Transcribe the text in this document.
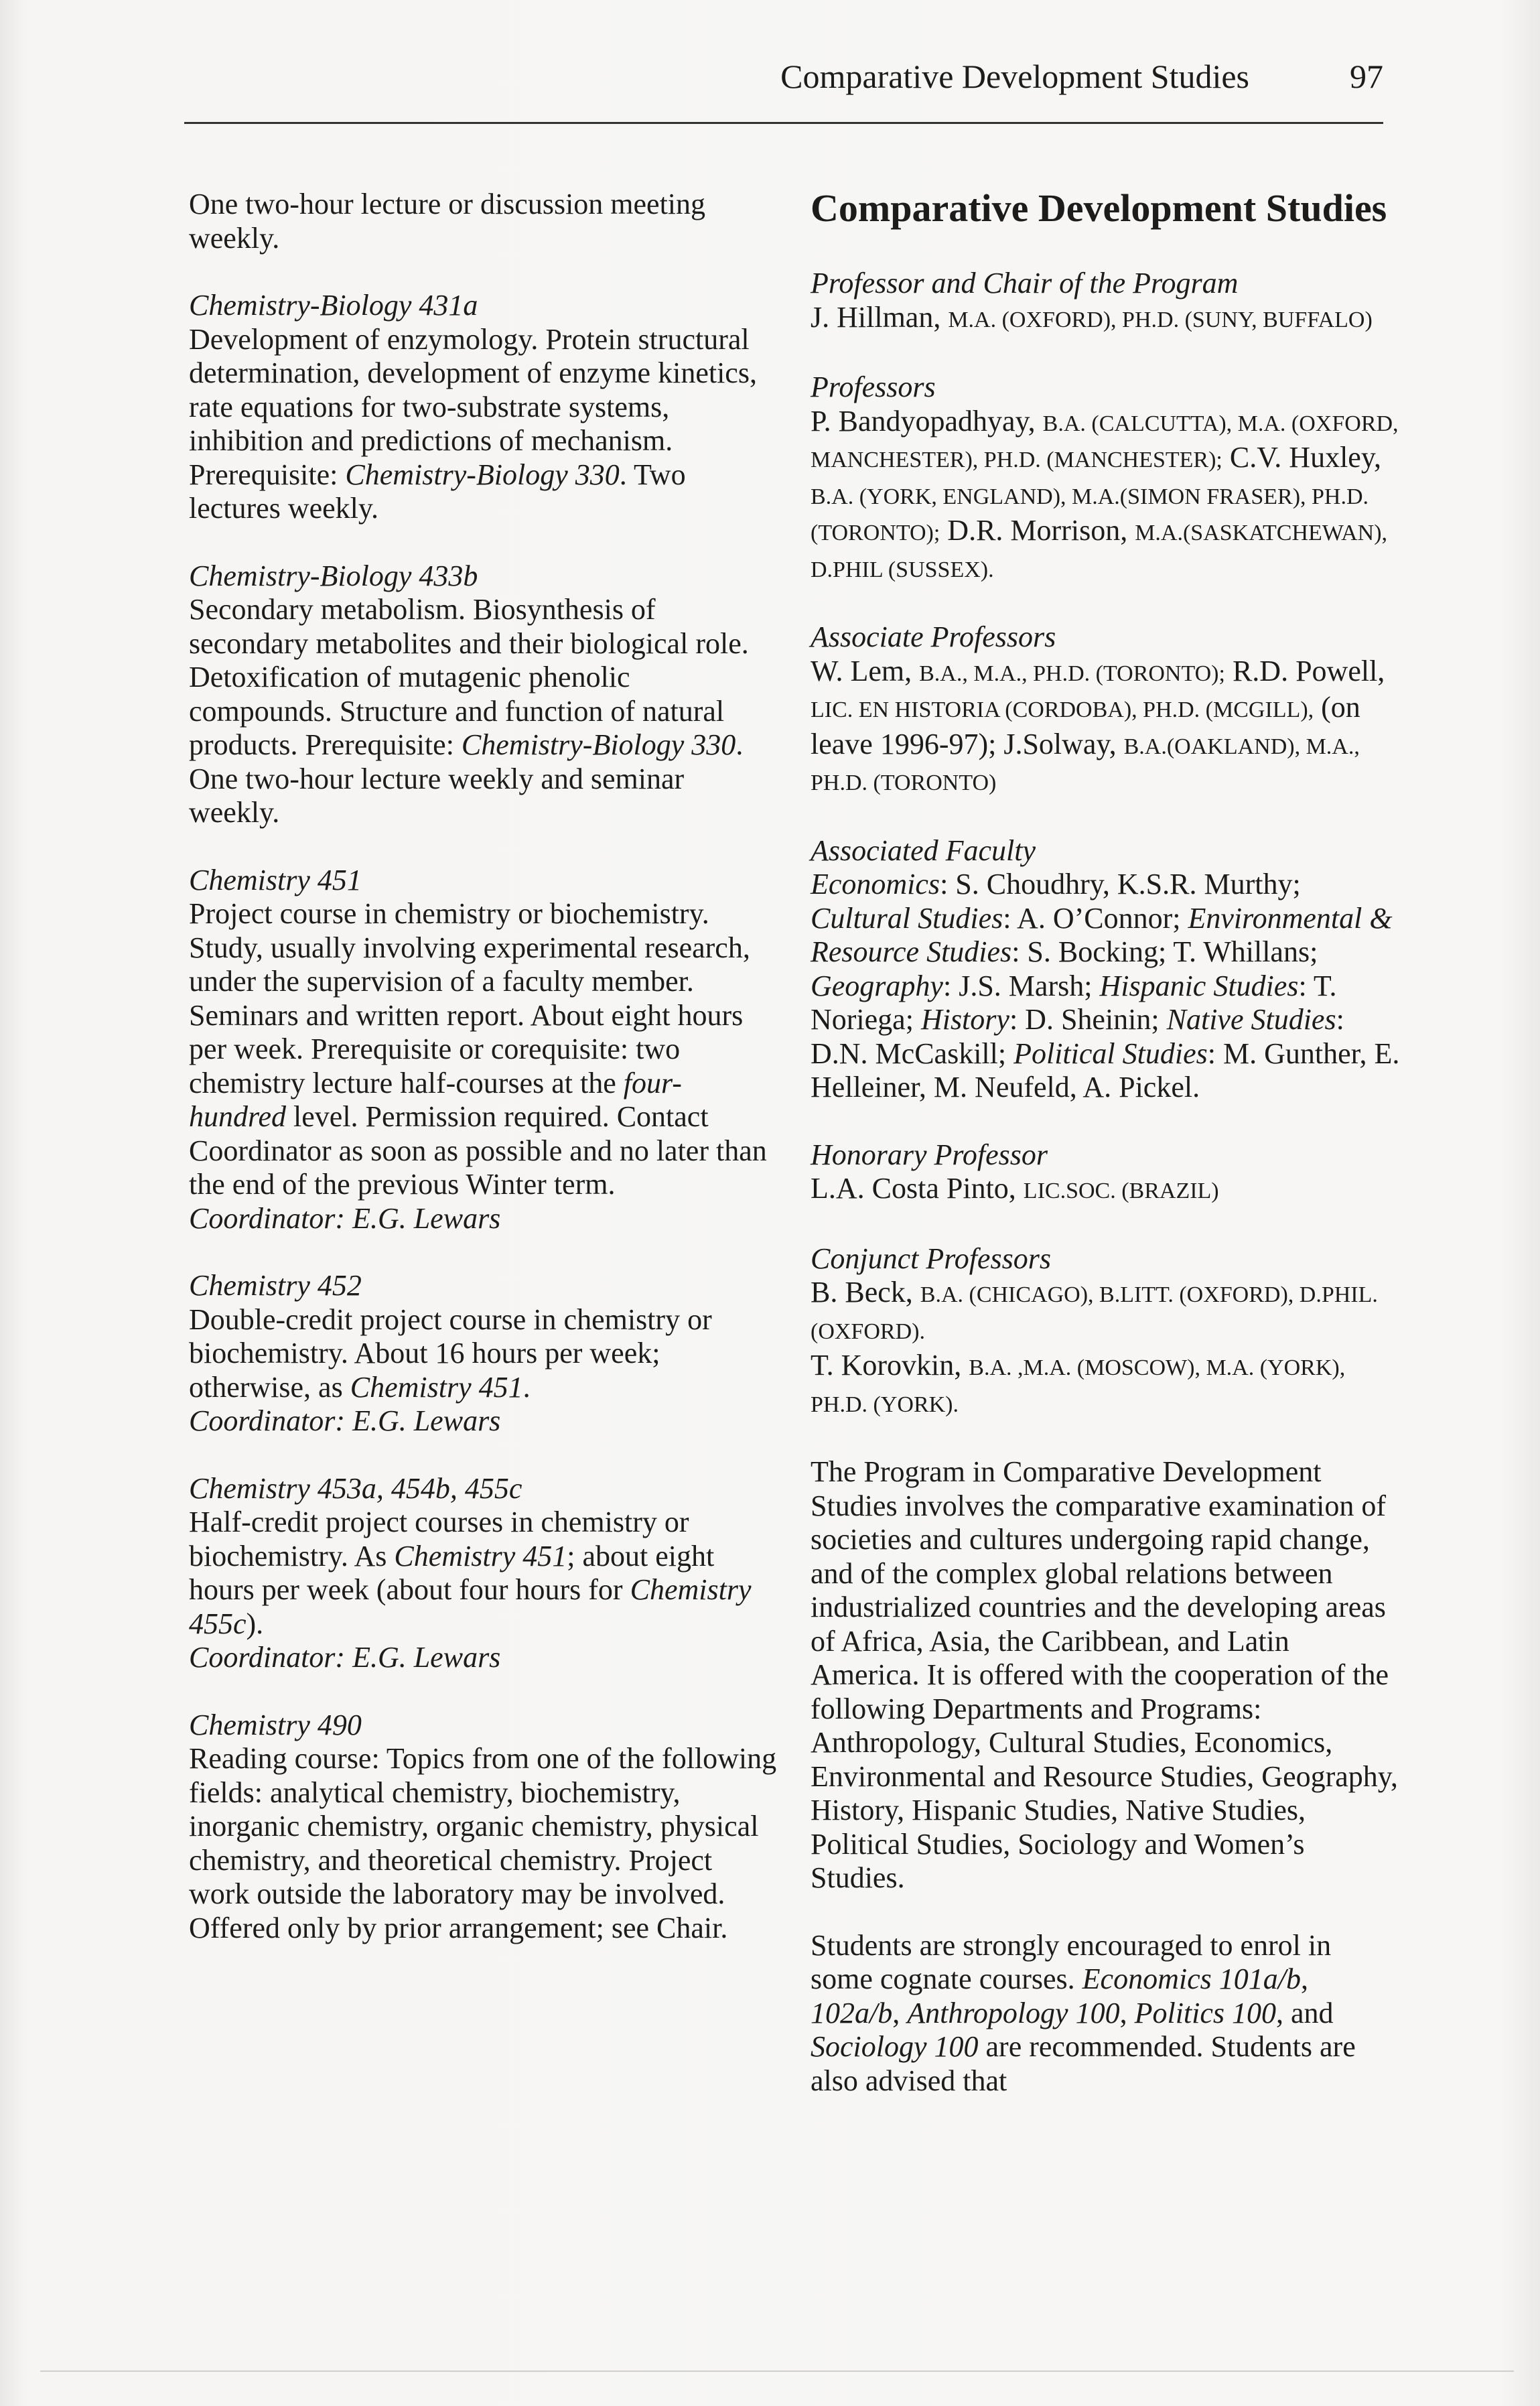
Comparative Development Studies	97
One two-hour lecture or discussion meeting weekly.
Chemistry-Biology 431a
Development of enzymology. Protein structural determination, development of enzyme kinetics, rate equations for two-substrate systems, inhibition and predictions of mechanism. Prerequisite: Chemistry-Biology 330. Two lectures weekly.
Chemistry-Biology 433b
Secondary metabolism. Biosynthesis of secondary metabolites and their biological role. Detoxification of mutagenic phenolic compounds. Structure and function of natural products. Prerequisite: Chemistry-Biology 330. One two-hour lecture weekly and seminar weekly.
Chemistry 451
Project course in chemistry or biochemistry. Study, usually involving experimental research, under the supervision of a faculty member. Seminars and written report. About eight hours per week. Prerequisite or corequisite: two chemistry lecture half-courses at the four-hundred level. Permission required. Contact Coordinator as soon as possible and no later than the end of the previous Winter term.
Coordinator: E.G. Lewars
Chemistry 452
Double-credit project course in chemistry or biochemistry. About 16 hours per week; otherwise, as Chemistry 451.
Coordinator: E.G. Lewars
Chemistry 453a, 454b, 455c
Half-credit project courses in chemistry or biochemistry. As Chemistry 451; about eight hours per week (about four hours for Chemistry 455c).
Coordinator: E.G. Lewars
Chemistry 490
Reading course: Topics from one of the following fields: analytical chemistry, biochemistry, inorganic chemistry, organic chemistry, physical chemistry, and theoretical chemistry. Project work outside the laboratory may be involved. Offered only by prior arrangement; see Chair.
Comparative Development Studies
Professor and Chair of the Program
J. Hillman, M.A. (OXFORD), PH.D. (SUNY, BUFFALO)
Professors
P. Bandyopadhyay, B.A. (CALCUTTA), M.A. (OXFORD, MANCHESTER), PH.D. (MANCHESTER); C.V. Huxley, B.A. (YORK, ENGLAND), M.A.(SIMON FRASER), PH.D.(TORONTO); D.R. Morrison, M.A.(SASKATCHEWAN), D.PHIL (SUSSEX).
Associate Professors
W. Lem, B.A., M.A., PH.D. (TORONTO); R.D. Powell, LIC. EN HISTORIA (CORDOBA), PH.D. (MCGILL), (on leave 1996-97); J.Solway, B.A.(OAKLAND), M.A., PH.D. (TORONTO)
Associated Faculty
Economics: S. Choudhry, K.S.R. Murthy; Cultural Studies: A. O’Connor; Environmental & Resource Studies: S. Bocking; T. Whillans; Geography: J.S. Marsh; Hispanic Studies: T. Noriega; History: D. Sheinin; Native Studies: D.N. McCaskill; Political Studies: M. Gunther, E. Helleiner, M. Neufeld, A. Pickel.
Honorary Professor
L.A. Costa Pinto, LIC.SOC. (BRAZIL)
Conjunct Professors
B. Beck, B.A. (CHICAGO), B.LITT. (OXFORD), D.PHIL. (OXFORD).
T. Korovkin, B.A. ,M.A. (MOSCOW), M.A. (YORK), PH.D. (YORK).
The Program in Comparative Development Studies involves the comparative examination of societies and cultures undergoing rapid change, and of the complex global relations between industrialized countries and the developing areas of Africa, Asia, the Caribbean, and Latin America. It is offered with the cooperation of the following Departments and Programs: Anthropology, Cultural Studies, Economics, Environmental and Resource Studies, Geography, History, Hispanic Studies, Native Studies, Political Studies, Sociology and Women’s Studies.
Students are strongly encouraged to enrol in some cognate courses. Economics 101a/b, 102a/b, Anthropology 100, Politics 100, and Sociology 100 are recommended. Students are also advised that
